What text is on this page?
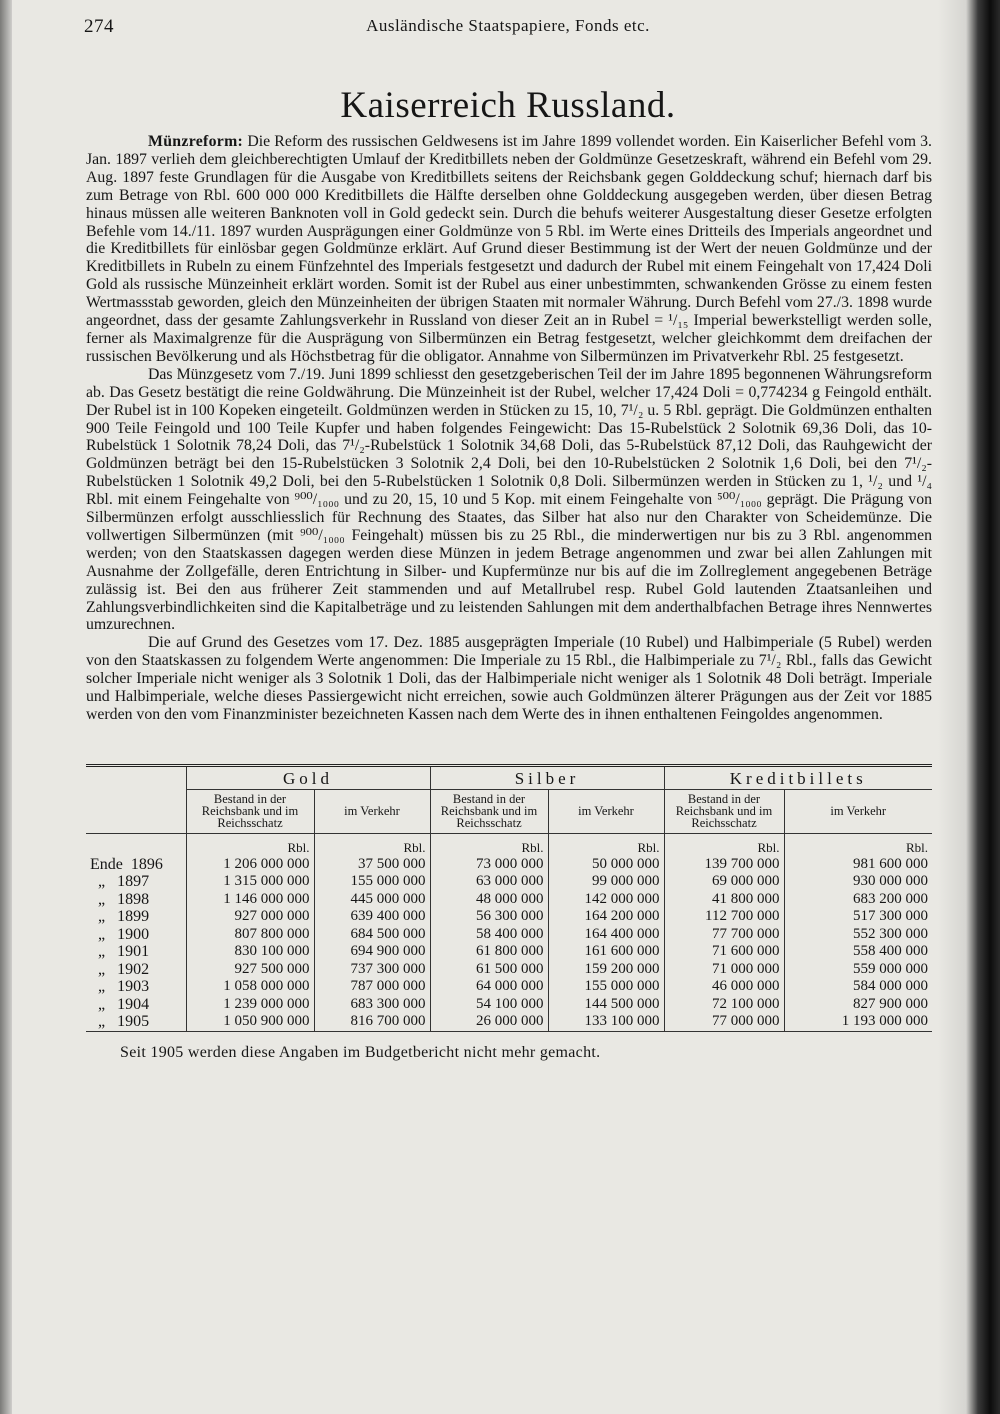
274	Ausländische Staatspapiere, Fonds etc.
Kaiserreich Russland.

Münzreform: Die Reform des russischen Geldwesens ist im Jahre 1899 vollendet worden. Ein Kaiserlicher Befehl vom 3. Jan. 1897 verlieh dem gleichberechtigten Umlauf der Kreditbillets neben der Goldmünze Gesetzeskraft, während ein Befehl vom 29. Aug. 1897 feste Grundlagen für die Ausgabe von Kreditbillets seitens der Reichsbank gegen Golddeckung schuf; hiernach darf bis zum Betrage von Rbl. 600 000 000 Kreditbillets die Hälfte derselben ohne Golddeckung ausgegeben werden, über diesen Betrag hinaus müssen alle weiteren Banknoten voll in Gold gedeckt sein. Durch die behufs weiterer Ausgestaltung dieser Gesetze erfolgten Befehle vom 14./11. 1897 wurden Ausprägungen einer Goldmünze von 5 Rbl. im Werte eines Dritteils des Imperials angeordnet und die Kreditbillets für einlösbar gegen Goldmünze erklärt. Auf Grund dieser Bestimmung ist der Wert der neuen Goldmünze und der Kreditbillets in Rubeln zu einem Fünfzehntel des Imperials festgesetzt und dadurch der Rubel mit einem Feingehalt von 17,424 Doli Gold als russische Münzeinheit erklärt worden. Somit ist der Rubel aus einer unbestimmten, schwankenden Grösse zu einem festen Wertmassstab geworden, gleich den Münzeinheiten der übrigen Staaten mit normaler Währung. Durch Befehl vom 27./3. 1898 wurde angeordnet, dass der gesamte Zahlungsverkehr in Russland von dieser Zeit an in Rubel = ¹/₁₅ Imperial bewerkstelligt werden solle, ferner als Maximalgrenze für die Ausprägung von Silbermünzen ein Betrag festgesetzt, welcher gleichkommt dem dreifachen der russischen Bevölkerung und als Höchstbetrag für die obligator. Annahme von Silbermünzen im Privatverkehr Rbl. 25 festgesetzt.

Das Münzgesetz vom 7./19. Juni 1899 schliesst den gesetzgeberischen Teil der im Jahre 1895 begonnenen Währungsreform ab. Das Gesetz bestätigt die reine Goldwährung. Die Münzeinheit ist der Rubel, welcher 17,424 Doli = 0,774234 g Feingold enthält. Der Rubel ist in 100 Kopeken eingeteilt. Goldmünzen werden in Stücken zu 15, 10, 7¹/₂ u. 5 Rbl. geprägt. Die Goldmünzen enthalten 900 Teile Feingold und 100 Teile Kupfer und haben folgendes Feingewicht: Das 15-Rubelstück 2 Solotnik 69,36 Doli, das 10-Rubelstück 1 Solotnik 78,24 Doli, das 7¹/₂-Rubelstück 1 Solotnik 34,68 Doli, das 5-Rubelstück 87,12 Doli, das Rauhgewicht der Goldmünzen beträgt bei den 15-Rubelstücken 3 Solotnik 2,4 Doli, bei den 10-Rubelstücken 2 Solotnik 1,6 Doli, bei den 7¹/₂-Rubelstücken 1 Solotnik 49,2 Doli, bei den 5-Rubelstücken 1 Solotnik 0,8 Doli. Silbermünzen werden in Stücken zu 1, ¹/₂ und ¹/₄ Rbl. mit einem Feingehalte von ⁹⁰⁰/₁₀₀₀ und zu 20, 15, 10 und 5 Kop. mit einem Feingehalte von ⁵⁰⁰/₁₀₀₀ geprägt. Die Prägung von Silbermünzen erfolgt ausschliesslich für Rechnung des Staates, das Silber hat also nur den Charakter von Scheidemünze. Die vollwertigen Silbermünzen (mit ⁹⁰⁰/₁₀₀₀ Feingehalt) müssen bis zu 25 Rbl., die minderwertigen nur bis zu 3 Rbl. angenommen werden; von den Staatskassen dagegen werden diese Münzen in jedem Betrage angenommen und zwar bei allen Zahlungen mit Ausnahme der Zollgefälle, deren Entrichtung in Silber- und Kupfermünze nur bis auf die im Zollreglement angegebenen Beträge zulässig ist. Bei den aus früherer Zeit stammenden und auf Metallrubel resp. Rubel Gold lautenden Ztaatsanleihen und Zahlungsverbindlichkeiten sind die Kapitalbeträge und zu leistenden Sahlungen mit dem anderthalbfachen Betrage ihres Nennwertes umzurechnen.

Die auf Grund des Gesetzes vom 17. Dez. 1885 ausgeprägten Imperiale (10 Rubel) und Halbimperiale (5 Rubel) werden von den Staatskassen zu folgendem Werte angenommen: Die Imperiale zu 15 Rbl., die Halbimperiale zu 7¹/₂ Rbl., falls das Gewicht solcher Imperiale nicht weniger als 3 Solotnik 1 Doli, das der Halbimperiale nicht weniger als 1 Solotnik 48 Doli beträgt. Imperiale und Halbimperiale, welche dieses Passiergewicht nicht erreichen, sowie auch Goldmünzen älterer Prägungen aus der Zeit vor 1885 werden von den vom Finanzminister bezeichneten Kassen nach dem Werte des in ihnen enthaltenen Feingoldes angenommen.

	Gold		Silber		Kreditbillets	
	Bestand in der Reichsbank und im Reichsschatz	im Verkehr	Bestand in der Reichsbank und im Reichsschatz	im Verkehr	Bestand in der Reichsbank und im Reichsschatz	im Verkehr
	Rbl.	Rbl.	Rbl.	Rbl.	Rbl.	Rbl.
Ende  1896	1 206 000 000	37 500 000	73 000 000	50 000 000	139 700 000	981 600 000
„   1897	1 315 000 000	155 000 000	63 000 000	99 000 000	69 000 000	930 000 000
„   1898	1 146 000 000	445 000 000	48 000 000	142 000 000	41 800 000	683 200 000
„   1899	927 000 000	639 400 000	56 300 000	164 200 000	112 700 000	517 300 000
„   1900	807 800 000	684 500 000	58 400 000	164 400 000	77 700 000	552 300 000
„   1901	830 100 000	694 900 000	61 800 000	161 600 000	71 600 000	558 400 000
„   1902	927 500 000	737 300 000	61 500 000	159 200 000	71 000 000	559 000 000
„   1903	1 058 000 000	787 000 000	64 000 000	155 000 000	46 000 000	584 000 000
„   1904	1 239 000 000	683 300 000	54 100 000	144 500 000	72 100 000	827 900 000
„   1905	1 050 900 000	816 700 000	26 000 000	133 100 000	77 000 000	1 193 000 000
Seit 1905 werden diese Angaben im Budgetbericht nicht mehr gemacht.
